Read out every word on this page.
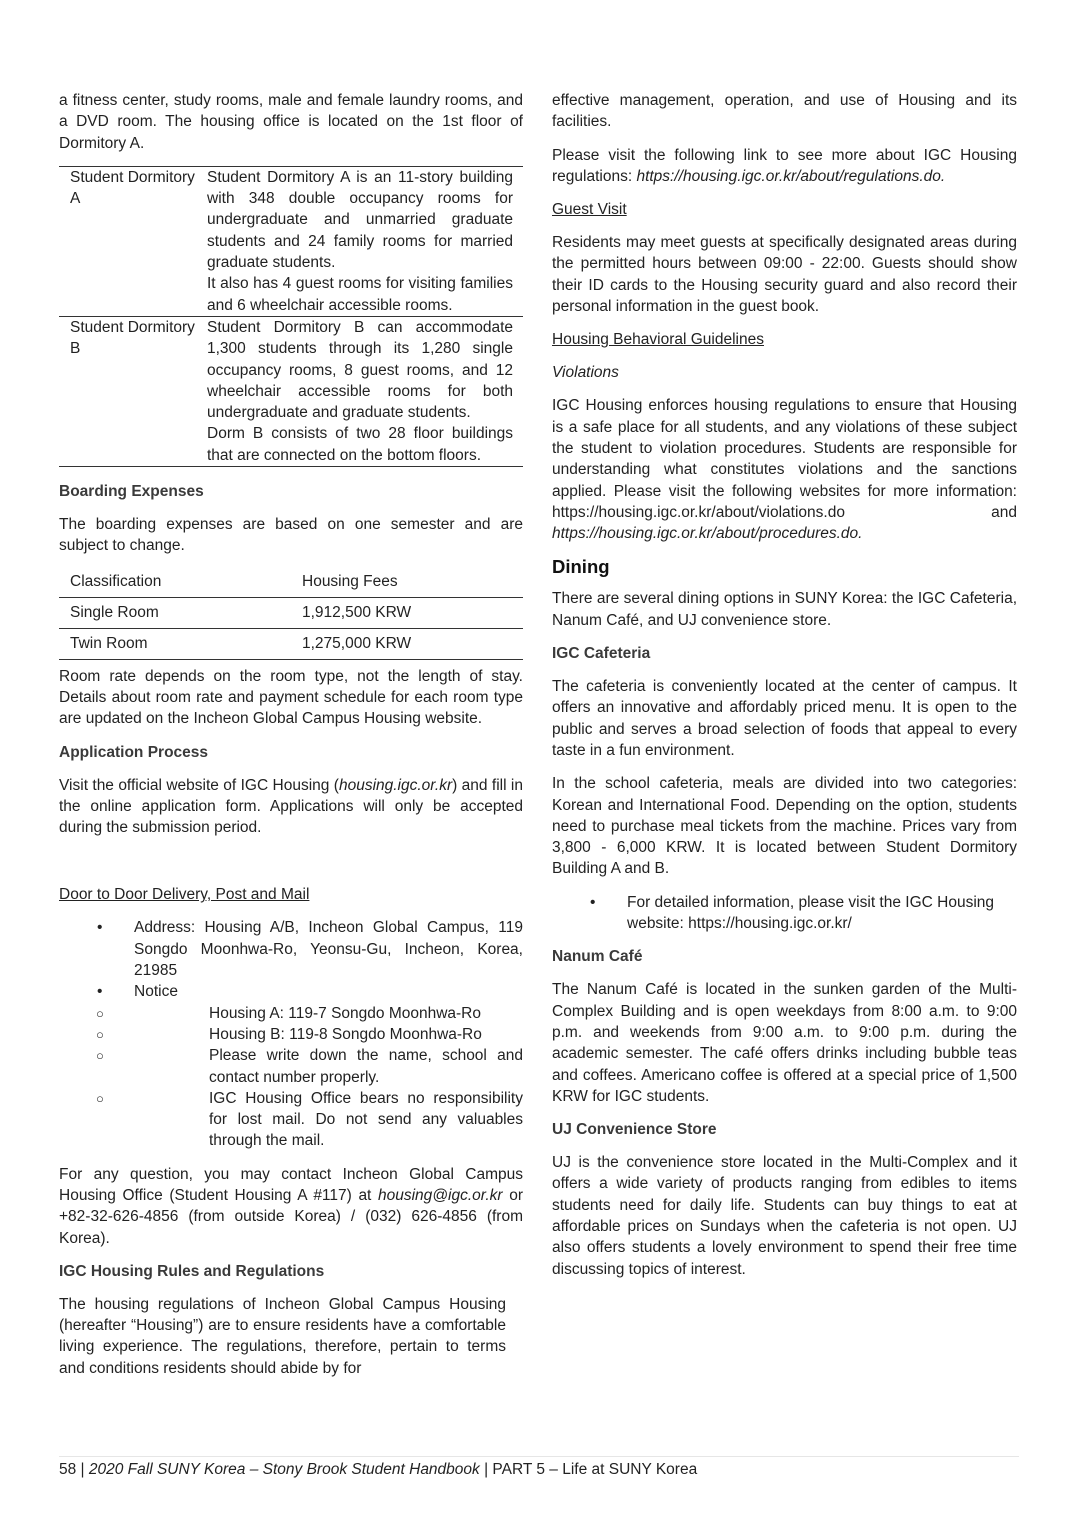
a fitness center, study rooms, male and female laundry rooms, and a DVD room. The housing office is located on the 1st floor of Dormitory A.

Student Dormitory A	Student Dormitory A is an 11-story building with 348 double occupancy rooms for undergraduate and unmarried graduate students and 24 family rooms for married graduate students.
It also has 4 guest rooms for visiting families and 6 wheelchair accessible rooms.

Student Dormitory B	Student Dormitory B can accommodate 1,300 students through its 1,280 single occupancy rooms, 8 guest rooms, and 12 wheelchair accessible rooms for both undergraduate and graduate students.
Dorm B consists of two 28 floor buildings that are connected on the bottom floors.
Boarding Expenses

The boarding expenses are based on one semester and are subject to change.

Classification	Housing Fees
Single Room	1,912,500 KRW
Twin Room	1,275,000 KRW

Room rate depends on the room type, not the length of stay. Details about room rate and payment schedule for each room type are updated on the Incheon Global Campus Housing website.

Application Process

Visit the official website of IGC Housing (housing.igc.or.kr) and fill in the online application form. Applications will only be accepted during the submission period.

Door to Door Delivery, Post and Mail
• Address: Housing A/B, Incheon Global Campus, 119 Songdo Moonhwa-Ro, Yeonsu-Gu, Incheon, Korea, 21985
• Notice
○ Housing A: 119-7 Songdo Moonhwa-Ro
○ Housing B: 119-8 Songdo Moonhwa-Ro
○ Please write down the name, school and contact number properly.
○ IGC Housing Office bears no responsibility for lost mail. Do not send any valuables through the mail.

For any question, you may contact Incheon Global Campus Housing Office (Student Housing A #117) at housing@igc.or.kr or +82-32-626-4856 (from outside Korea) / (032) 626-4856 (from Korea).

IGC Housing Rules and Regulations

The housing regulations of Incheon Global Campus Housing (hereafter “Housing”) are to ensure residents have a comfortable living experience. The regulations, therefore, pertain to terms and conditions residents should abide by for

effective management, operation, and use of Housing and its facilities.

Please visit the following link to see more about IGC Housing regulations: https://housing.igc.or.kr/about/regulations.do.

Guest Visit

Residents may meet guests at specifically designated areas during the permitted hours between 09:00 - 22:00. Guests should show their ID cards to the Housing security guard and also record their personal information in the guest book.

Housing Behavioral Guidelines
Violations

IGC Housing enforces housing regulations to ensure that Housing is a safe place for all students, and any violations of these subject the student to violation procedures. Students are responsible for understanding what constitutes violations and the sanctions applied. Please visit the following websites for more information: https://housing.igc.or.kr/about/violations.do and https://housing.igc.or.kr/about/procedures.do.

Dining

There are several dining options in SUNY Korea: the IGC Cafeteria, Nanum Café, and UJ convenience store.

IGC Cafeteria

The cafeteria is conveniently located at the center of campus. It offers an innovative and affordably priced menu. It is open to the public and serves a broad selection of foods that appeal to every taste in a fun environment.

In the school cafeteria, meals are divided into two categories: Korean and International Food. Depending on the option, students need to purchase meal tickets from the machine. Prices vary from 3,800 - 6,000 KRW. It is located between Student Dormitory Building A and B.

• For detailed information, please visit the IGC Housing website: https://housing.igc.or.kr/
Nanum Café

The Nanum Café is located in the sunken garden of the Multi-Complex Building and is open weekdays from 8:00 a.m. to 9:00 p.m. and weekends from 9:00 a.m. to 9:00 p.m. during the academic semester. The café offers drinks including bubble teas and coffees. Americano coffee is offered at a special price of 1,500 KRW for IGC students.

UJ Convenience Store

UJ is the convenience store located in the Multi-Complex and it offers a wide variety of products ranging from edibles to items students need for daily life. Students can buy things to eat at affordable prices on Sundays when the cafeteria is not open. UJ also offers students a lovely environment to spend their free time discussing topics of interest.

58 | 2020 Fall SUNY Korea – Stony Brook Student Handbook | PART 5 – Life at SUNY Korea
